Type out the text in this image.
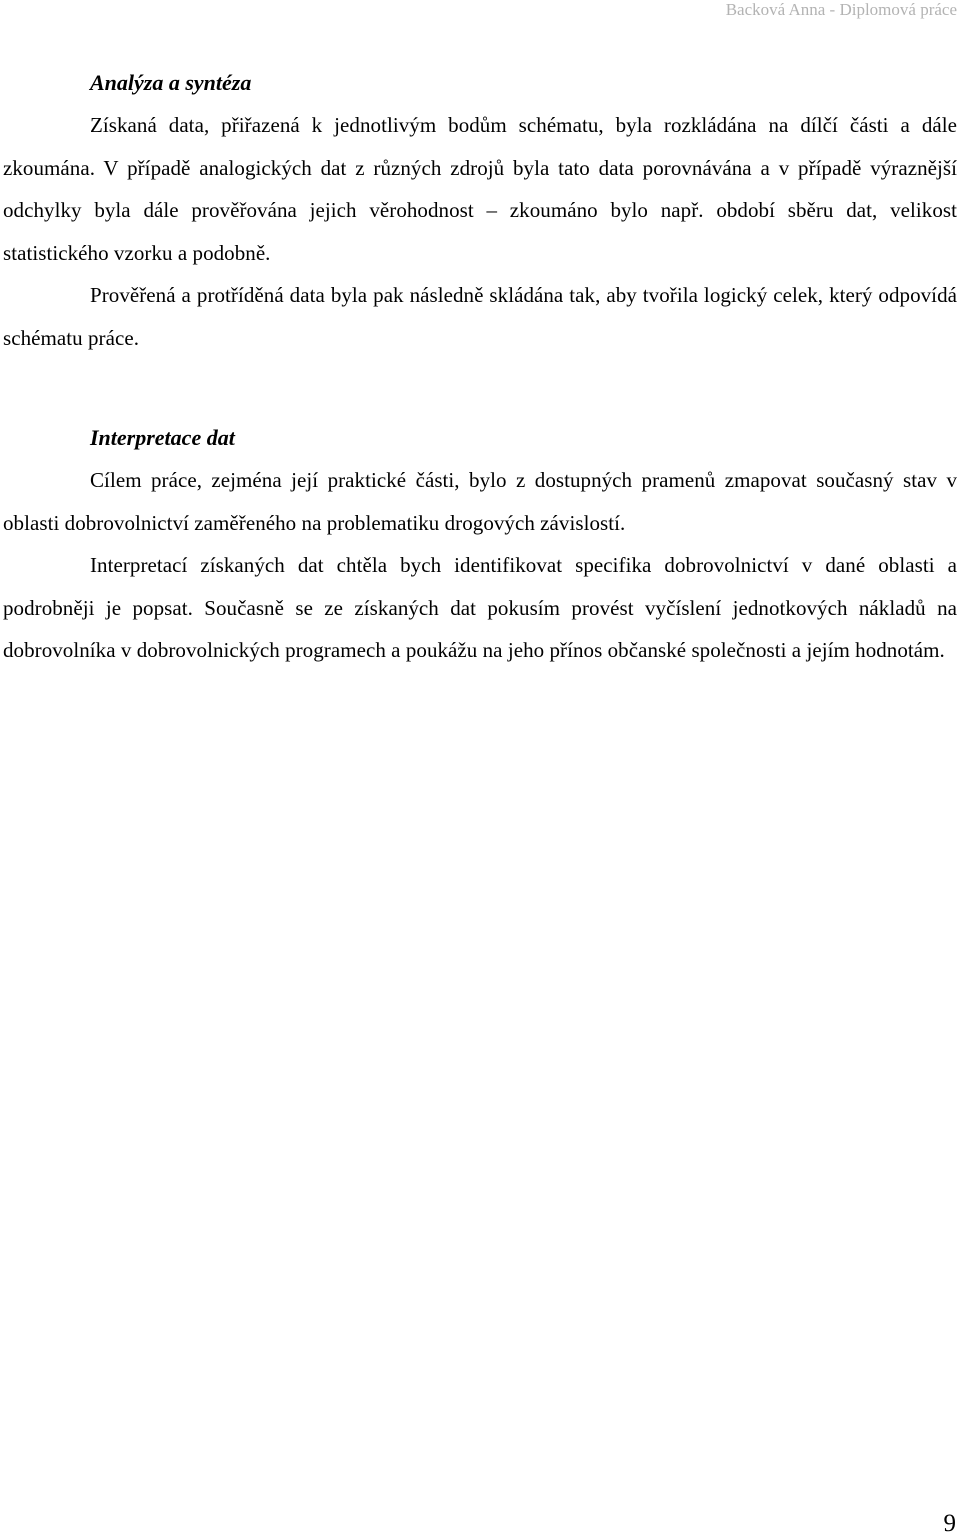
Backová Anna - Diplomová práce
Analýza a syntéza

Získaná data, přiřazená k jednotlivým bodům schématu, byla rozkládána na dílčí části a dále zkoumána. V případě analogických dat z různých zdrojů byla tato data porovnávána a v případě výraznější odchylky byla dále prověřována jejich věrohodnost – zkoumáno bylo např. období sběru dat, velikost statistického vzorku a podobně.

Prověřená a protříděná data byla pak následně skládána tak, aby tvořila logický celek, který odpovídá schématu práce.

Interpretace dat

Cílem práce, zejména její praktické části, bylo z dostupných pramenů zmapovat současný stav v oblasti dobrovolnictví zaměřeného na problematiku drogových závislostí.

Interpretací získaných dat chtěla bych identifikovat specifika dobrovolnictví v dané oblasti a podrobněji je popsat. Současně se ze získaných dat pokusím provést vyčíslení jednotkových nákladů na dobrovolníka v dobrovolnických programech a poukážu na jeho přínos občanské společnosti a jejím hodnotám.

9
